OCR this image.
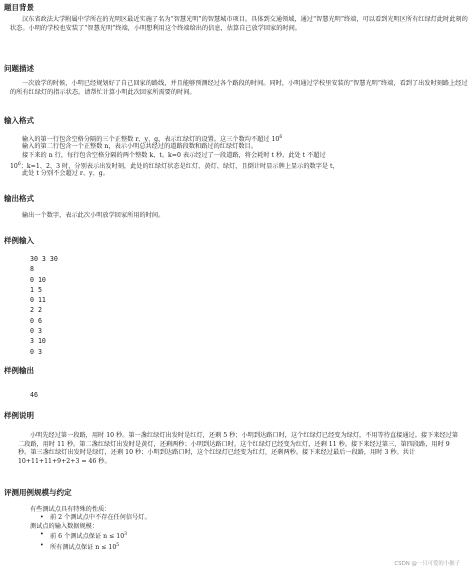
题目背景

汉东省政法大学附属中学所在的光明区最近实施了名为“智慧光明”的智慧城市项目。具体到交通领域，通过“智慧光明”终端，可以看到光明区所有红绿灯此时此刻的状态。小明的学校也安装了“智慧光明”终端，小明想利用这个终端给出的信息，估算自己放学回家的时间。

问题描述

一次放学的时候，小明已经规划好了自己回家的路线，并且能够预测经过各个路段的时间。同时，小明通过学校里安装的“智慧光明”终端，看到了出发时刻路上经过的所有红绿灯的指示状态。请帮忙计算小明此次回家所需要的时间。

输入格式
输入的第一行包含空格分隔的三个正整数 r、y、g，表示红绿灯的设置。这三个数均不超过 $10^6$
输入的第二行包含一个正整数 n，表示小明总共经过的道路段数和路过的红绿灯数目。
接下来的 n 行，每行包含空格分隔的两个整数 k、t。k=0 表示经过了一段道路，将会耗时 t 秒，此处 t 不超过
$10^6$；k=1、2、3 时，分别表示出发时刻，此处的红绿灯状态是红灯、黄灯、绿灯，且倒计时显示牌上显示的数字是 t，
此处 t 分别不会超过 r、y、g。
输出格式
输出一个数字，表示此次小明放学回家所用的时间。
样例输入
30 3 30
8
0 10
1 5
0 11
2 2
0 6
0 3
3 10
0 3
样例输出
46
样例说明

小明先经过第一段路，用时 10 秒。第一盏红绿灯出发时是红灯，还剩 5 秒；小明到达路口时，这个红绿灯已经变为绿灯，不用等待直接通过。接下来经过第二段路，用时 11 秒。第二盏红绿灯出发时是黄灯，还剩两秒；小明到达路口时，这个红绿灯已经变为红灯，还剩 11 秒。接下来经过第三、第四段路，用时 9 秒。第三盏红绿灯出发时是绿灯，还剩 10 秒；小明到达路口时，这个红绿灯已经变为红灯，还剩两秒。接下来经过最后一段路，用时 3 秒。共计 10+11+11+9+2+3 = 46 秒。

评测用例规模与约定
有些测试点具有特殊的性质：
• 前 2 个测试点中不存在任何信号灯。
测试点的输入数据规模：
• 前 6 个测试点保证 $n \le 10^3$
• 所有测试点保证 $n \le 10^5$
CSDN @一只可爱的小猴子
